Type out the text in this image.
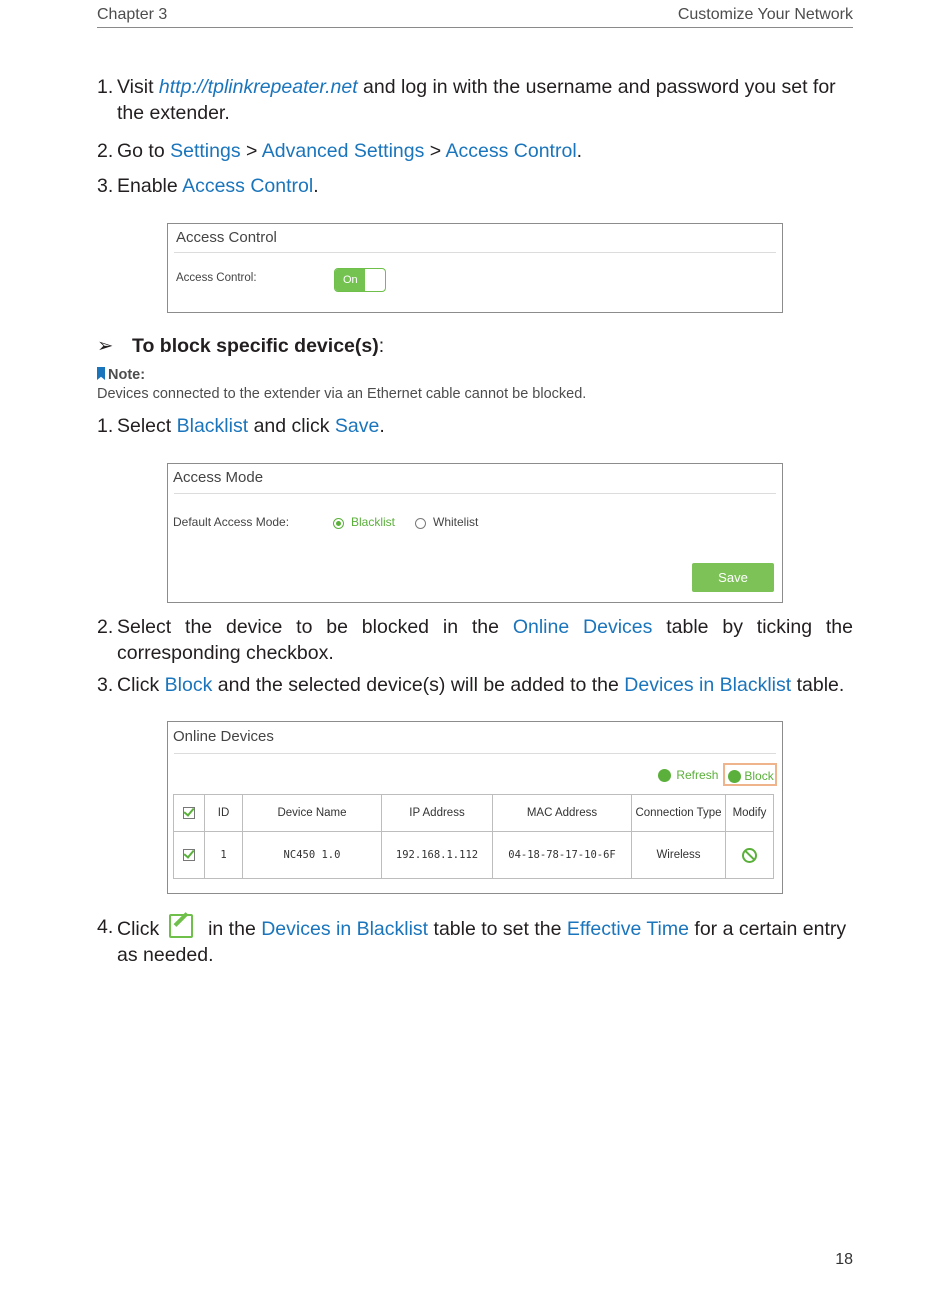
Chapter 3	Customize Your Network
1. Visit http://tplinkrepeater.net and log in with the username and password you set for the extender.
2. Go to Settings > Advanced Settings > Access Control.
3. Enable Access Control.
Access Control
Access Control:	On
➢ To block specific device(s):
Note:
Devices connected to the extender via an Ethernet cable cannot be blocked.
1. Select Blacklist and click Save.
Access Mode
Default Access Mode:	Blacklist	Whitelist
Save
2. Select the device to be blocked in the Online Devices table by ticking the corresponding checkbox.
3. Click Block and the selected device(s) will be added to the Devices in Blacklist table.
Online Devices
Refresh	Block
	ID	Device Name	IP Address	MAC Address	Connection Type	Modify
	1	NC450 1.0	192.168.1.112	04-18-78-17-10-6F	Wireless	
4. Click  in the Devices in Blacklist table to set the Effective Time for a certain entry as needed.
18
